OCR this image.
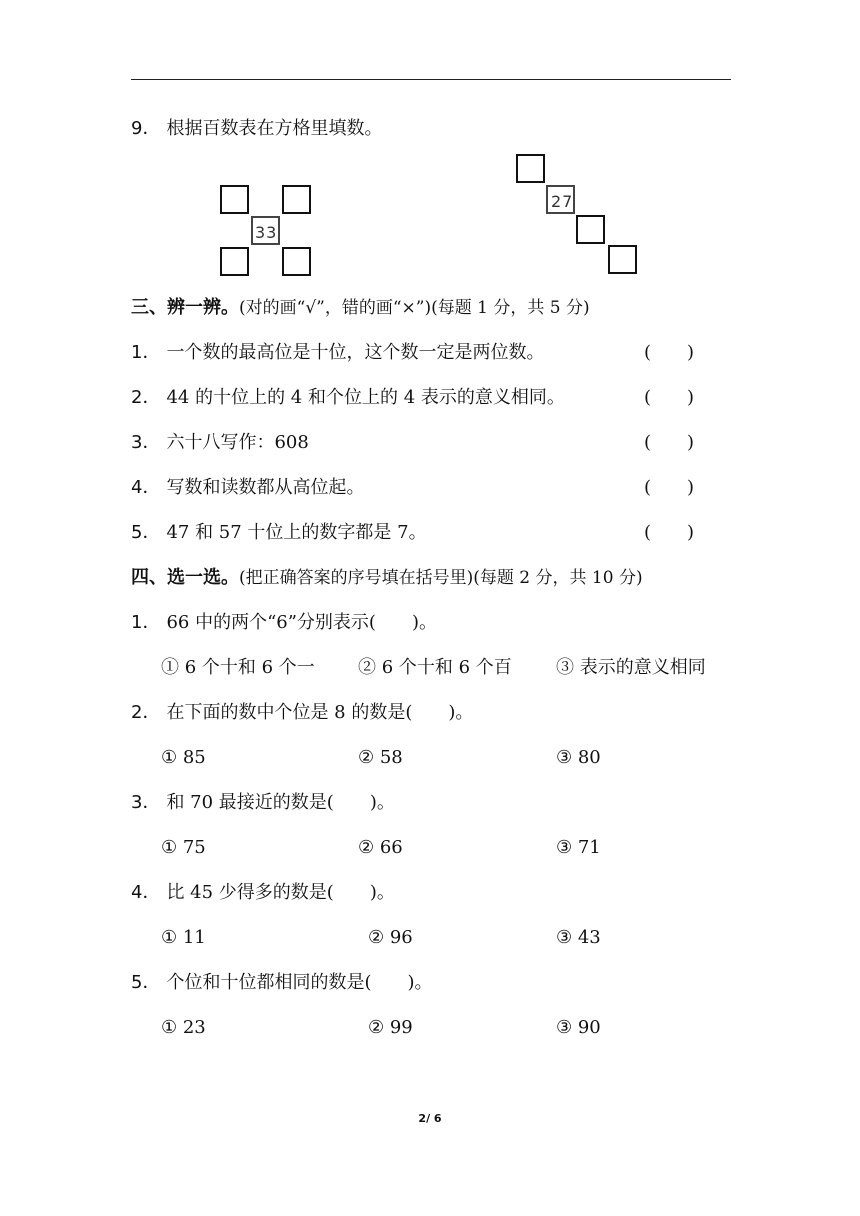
9． 根据百数表在方格里填数。
33
27
三、辨一辨。(对的画“√”，错的画“×”)(每题 1 分，共 5 分)
1． 一个数的最高位是十位，这个数一定是两位数。	(　　)
2． 44 的十位上的 4 和个位上的 4 表示的意义相同。	(　　)
3． 六十八写作：608	(　　)
4． 写数和读数都从高位起。	(　　)
5． 47 和 57 十位上的数字都是 7。	(　　)
四、选一选。(把正确答案的序号填在括号里)(每题 2 分，共 10 分)
1． 66 中的两个“6”分别表示(　　)。
① 6 个十和 6 个一 ② 6 个十和 6 个百 ③ 表示的意义相同
2． 在下面的数中个位是 8 的数是(　　)。
① 85	② 58	③ 80
3． 和 70 最接近的数是(　　)。
① 75	② 66	③ 71
4． 比 45 少得多的数是(　　)。
① 11	② 96	③ 43
5． 个位和十位都相同的数是(　　)。
① 23	② 99	③ 90
2/ 6
